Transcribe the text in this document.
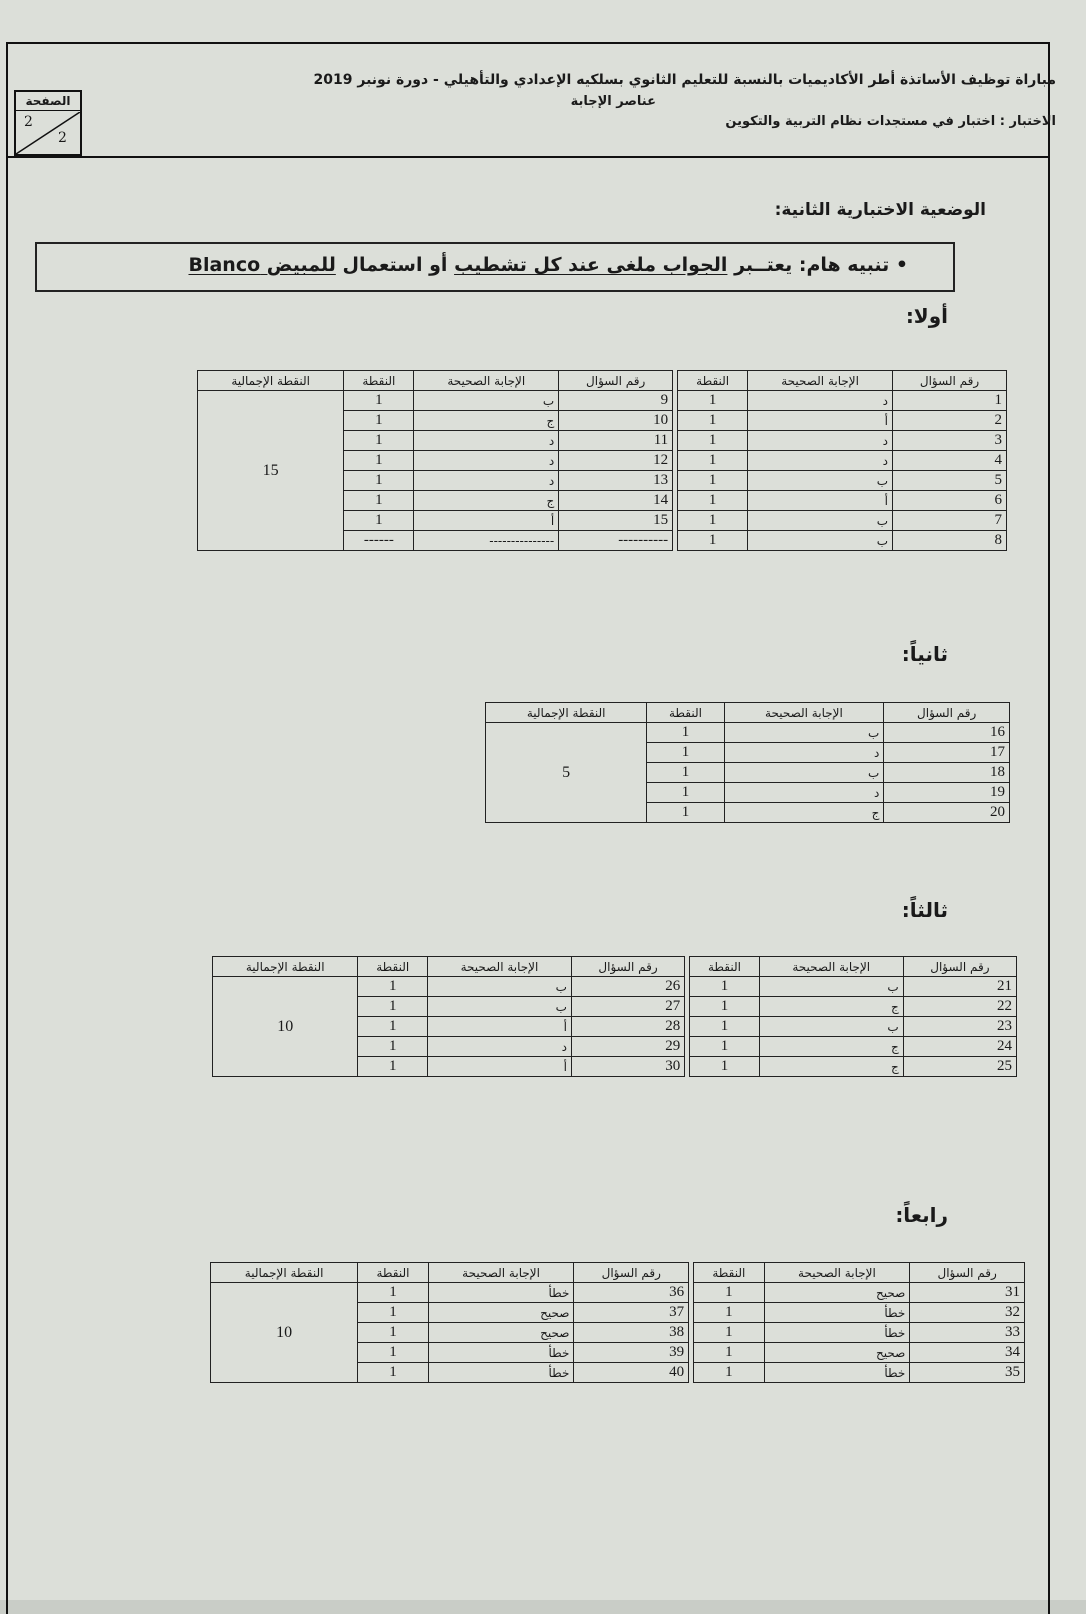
الصفحة
2
2
مباراة توظيف الأساتذة أطر الأكاديميات بالنسبة للتعليم الثانوي بسلكيه الإعدادي والتأهيلي - دورة نونبر 2019
عناصر الإجابة
الاختبار : اختبار في مستجدات نظام التربية والتكوين
الوضعية الاختبارية الثانية:
• تنبيه هام: يعتــبر الجواب ملغى عند كل تشطيب أو استعمال للمبيض Blanco
أولا:
النقطة الإجمالية	النقطة	الإجابة الصحيحة	رقم السؤال		النقطة	الإجابة الصحيحة	رقم السؤال
15	1	ب	9		1	د	1
	1	ج	10		1	أ	2
	1	د	11		1	د	3
	1	د	12		1	د	4
	1	د	13		1	ب	5
	1	ج	14		1	أ	6
	1	أ	15		1	ب	7
	------	---------------	----------		1	ب	8
ثانياً:
النقطة الإجمالية	النقطة	الإجابة الصحيحة	رقم السؤال
5	1	ب	16
	1	د	17
	1	ب	18
	1	د	19
	1	ج	20
ثالثاً:
النقطة الإجمالية	النقطة	الإجابة الصحيحة	رقم السؤال		النقطة	الإجابة الصحيحة	رقم السؤال
10	1	ب	26		1	ب	21
	1	ب	27		1	ج	22
	1	أ	28		1	ب	23
	1	د	29		1	ج	24
	1	أ	30		1	ج	25
رابعاً:
النقطة الإجمالية	النقطة	الإجابة الصحيحة	رقم السؤال		النقطة	الإجابة الصحيحة	رقم السؤال
10	1	خطأ	36		1	صحيح	31
	1	صحيح	37		1	خطأ	32
	1	صحيح	38		1	خطأ	33
	1	خطأ	39		1	صحيح	34
	1	خطأ	40		1	خطأ	35
